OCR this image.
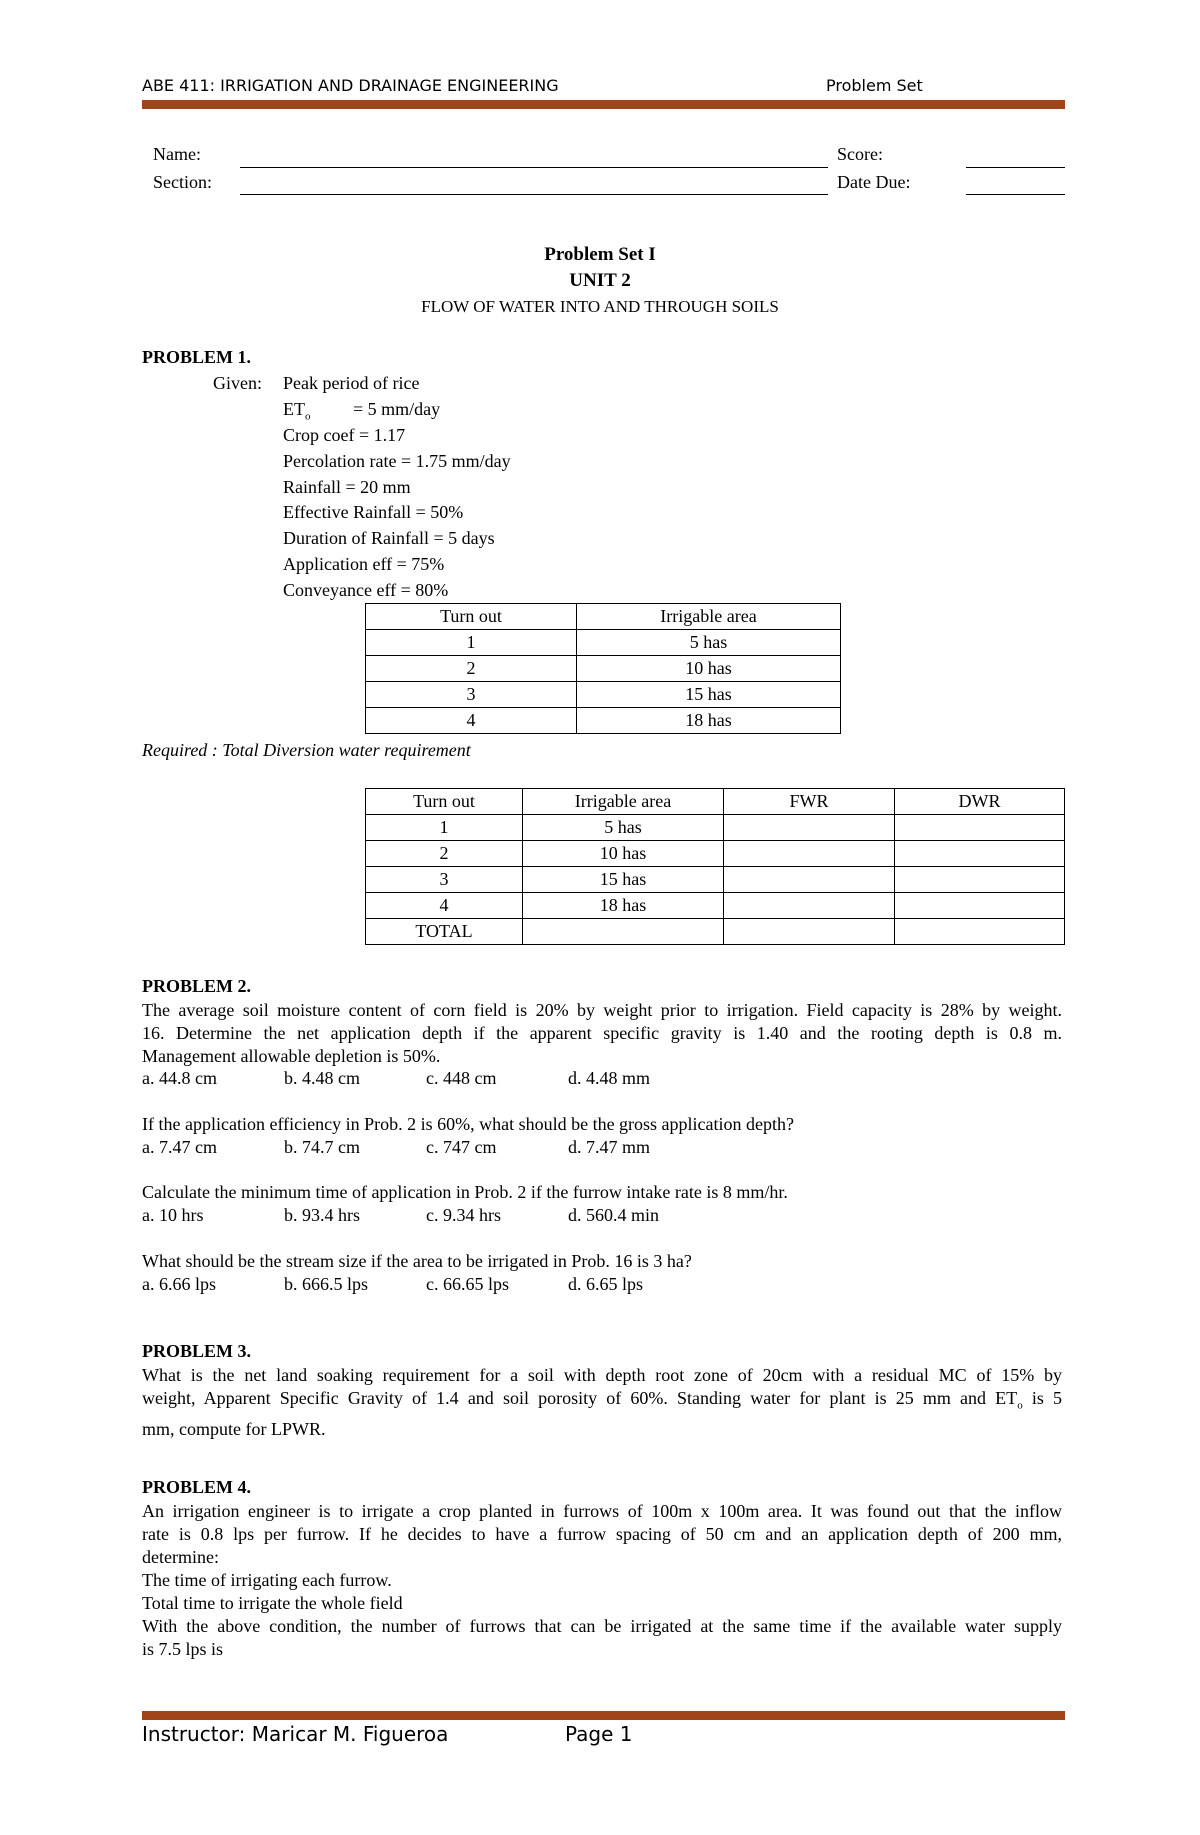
ABE 411: IRRIGATION AND DRAINAGE ENGINEERING	Problem Set
Name:
Section:
Score:
Date Due:
Problem Set I
UNIT 2
FLOW OF WATER INTO AND THROUGH SOILS
PROBLEM 1.
Given: Peak period of rice
$ET_o = 5$ mm/day
Crop coef = 1.17
Percolation rate = 1.75 mm/day
Rainfall = 20 mm
Effective Rainfall = 50%
Duration of Rainfall = 5 days
Application eff = 75%
Conveyance eff = 80%
Turn out	Irrigable area
1	5 has
2	10 has
3	15 has
4	18 has
Required : Total Diversion water requirement
Turn out	Irrigable area	FWR	DWR
1	5 has		
2	10 has		
3	15 has		
4	18 has		
TOTAL			
PROBLEM 2.
The average soil moisture content of corn field is 20% by weight prior to irrigation. Field capacity is 28% by weight.
16. Determine the net application depth if the apparent specific gravity is 1.40 and the rooting depth is 0.8 m.
Management allowable depletion is 50%.
a. 44.8 cm	b. 4.48 cm	c. 448 cm	d. 4.48 mm
If the application efficiency in Prob. 2 is 60%, what should be the gross application depth?
a. 7.47 cm	b. 74.7 cm	c. 747 cm	d. 7.47 mm
Calculate the minimum time of application in Prob. 2 if the furrow intake rate is 8 mm/hr.
a. 10 hrs	b. 93.4 hrs	c. 9.34 hrs	d. 560.4 min
What should be the stream size if the area to be irrigated in Prob. 16 is 3 ha?
a. 6.66 lps	b. 666.5 lps	c. 66.65 lps	d. 6.65 lps
PROBLEM 3.
What is the net land soaking requirement for a soil with depth root zone of 20cm with a residual MC of 15% by
weight, Apparent Specific Gravity of 1.4 and soil porosity of 60%. Standing water for plant is 25 mm and $ET_o$ is 5
mm, compute for LPWR.
PROBLEM 4.
An irrigation engineer is to irrigate a crop planted in furrows of 100m x 100m area. It was found out that the inflow
rate is 0.8 lps per furrow. If he decides to have a furrow spacing of 50 cm and an application depth of 200 mm,
determine:
The time of irrigating each furrow.
Total time to irrigate the whole field
With the above condition, the number of furrows that can be irrigated at the same time if the available water supply
is 7.5 lps is
Instructor: Maricar M. Figueroa	Page 1
